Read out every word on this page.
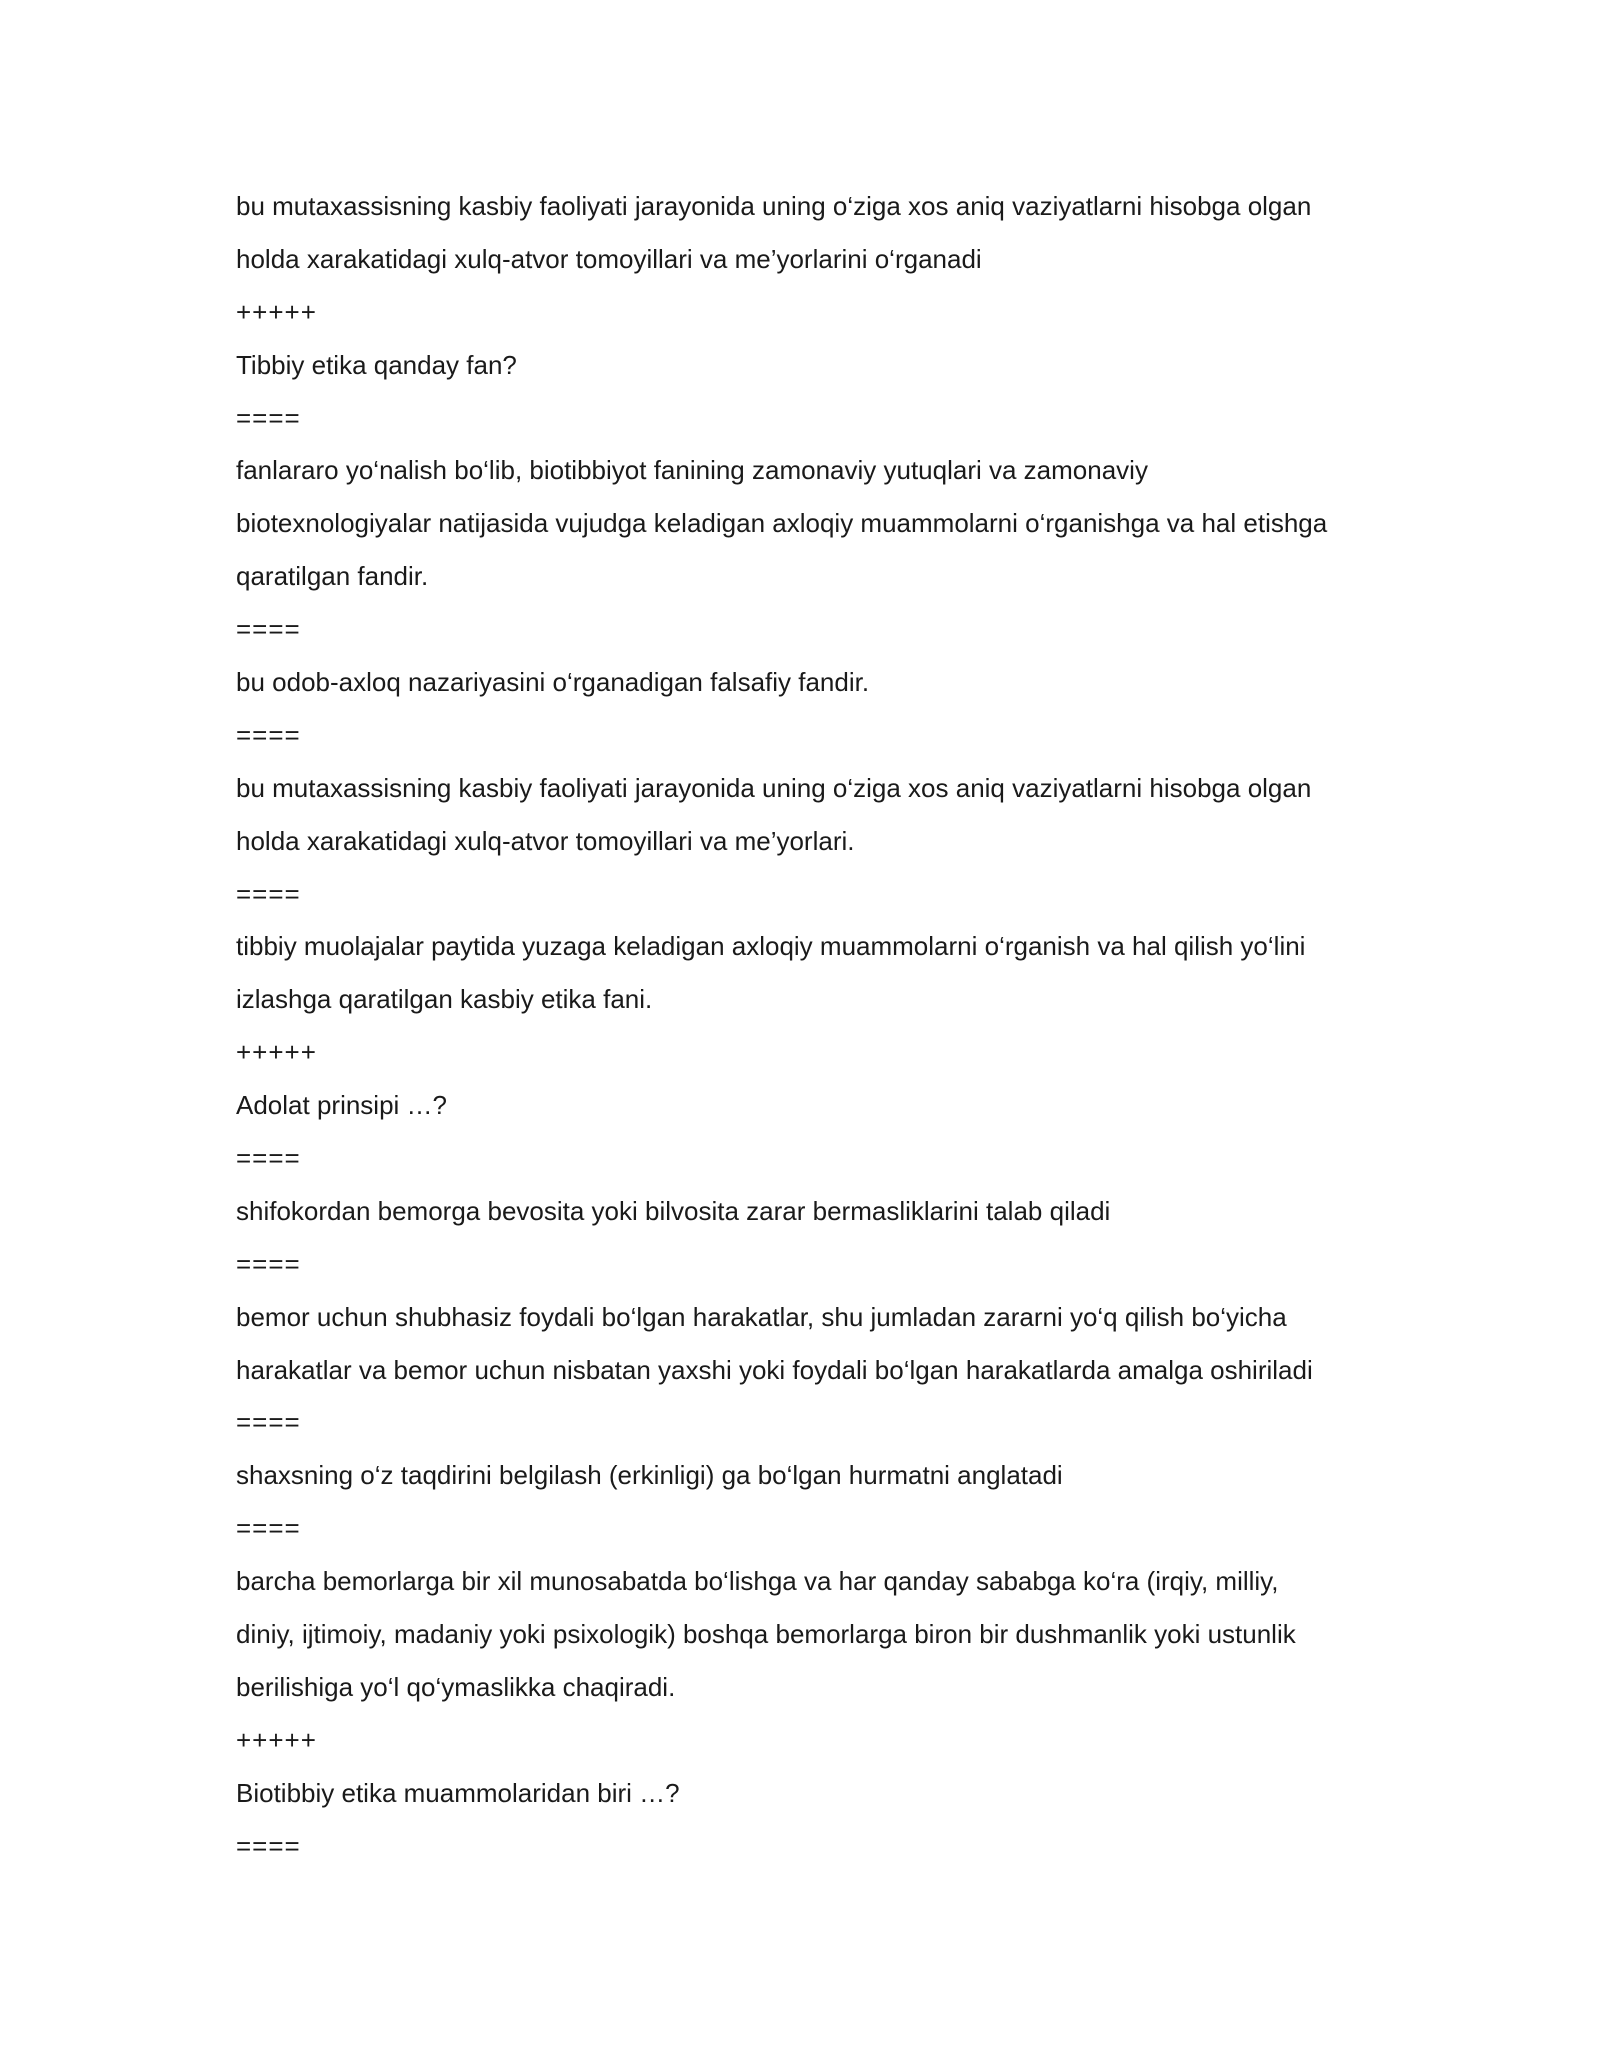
bu mutaxassisning kasbiy faoliyati jarayonida uning o‘ziga xos aniq vaziyatlarni hisobga olgan
holda xarakatidagi xulq-atvor tomoyillari va me’yorlarini o‘rganadi
+++++
Tibbiy etika qanday fan?
====
fanlararo yo‘nalish bo‘lib, biotibbiyot fanining zamonaviy yutuqlari va zamonaviy
biotexnologiyalar natijasida vujudga keladigan axloqiy muammolarni o‘rganishga va hal etishga
qaratilgan fandir.
====
bu odob-axloq nazariyasini o‘rganadigan falsafiy fandir.
====
bu mutaxassisning kasbiy faoliyati jarayonida uning o‘ziga xos aniq vaziyatlarni hisobga olgan
holda xarakatidagi xulq-atvor tomoyillari va me’yorlari.
====
tibbiy muolajalar paytida yuzaga keladigan axloqiy muammolarni o‘rganish va hal qilish yo‘lini
izlashga qaratilgan kasbiy etika fani.
+++++
Adolat prinsipi …?
====
shifokordan bemorga bevosita yoki bilvosita zarar bermasliklarini talab qiladi
====
bemor uchun shubhasiz foydali bo‘lgan harakatlar, shu jumladan zararni yo‘q qilish bo‘yicha
harakatlar va bemor uchun nisbatan yaxshi yoki foydali bo‘lgan harakatlarda amalga oshiriladi
====
shaxsning o‘z taqdirini belgilash (erkinligi) ga bo‘lgan hurmatni anglatadi
====
barcha bemorlarga bir xil munosabatda bo‘lishga va har qanday sababga ko‘ra (irqiy, milliy,
diniy, ijtimoiy, madaniy yoki psixologik) boshqa bemorlarga biron bir dushmanlik yoki ustunlik
berilishiga yo‘l qo‘ymaslikka chaqiradi.
+++++
Biotibbiy etika muammolaridan biri …?
====
